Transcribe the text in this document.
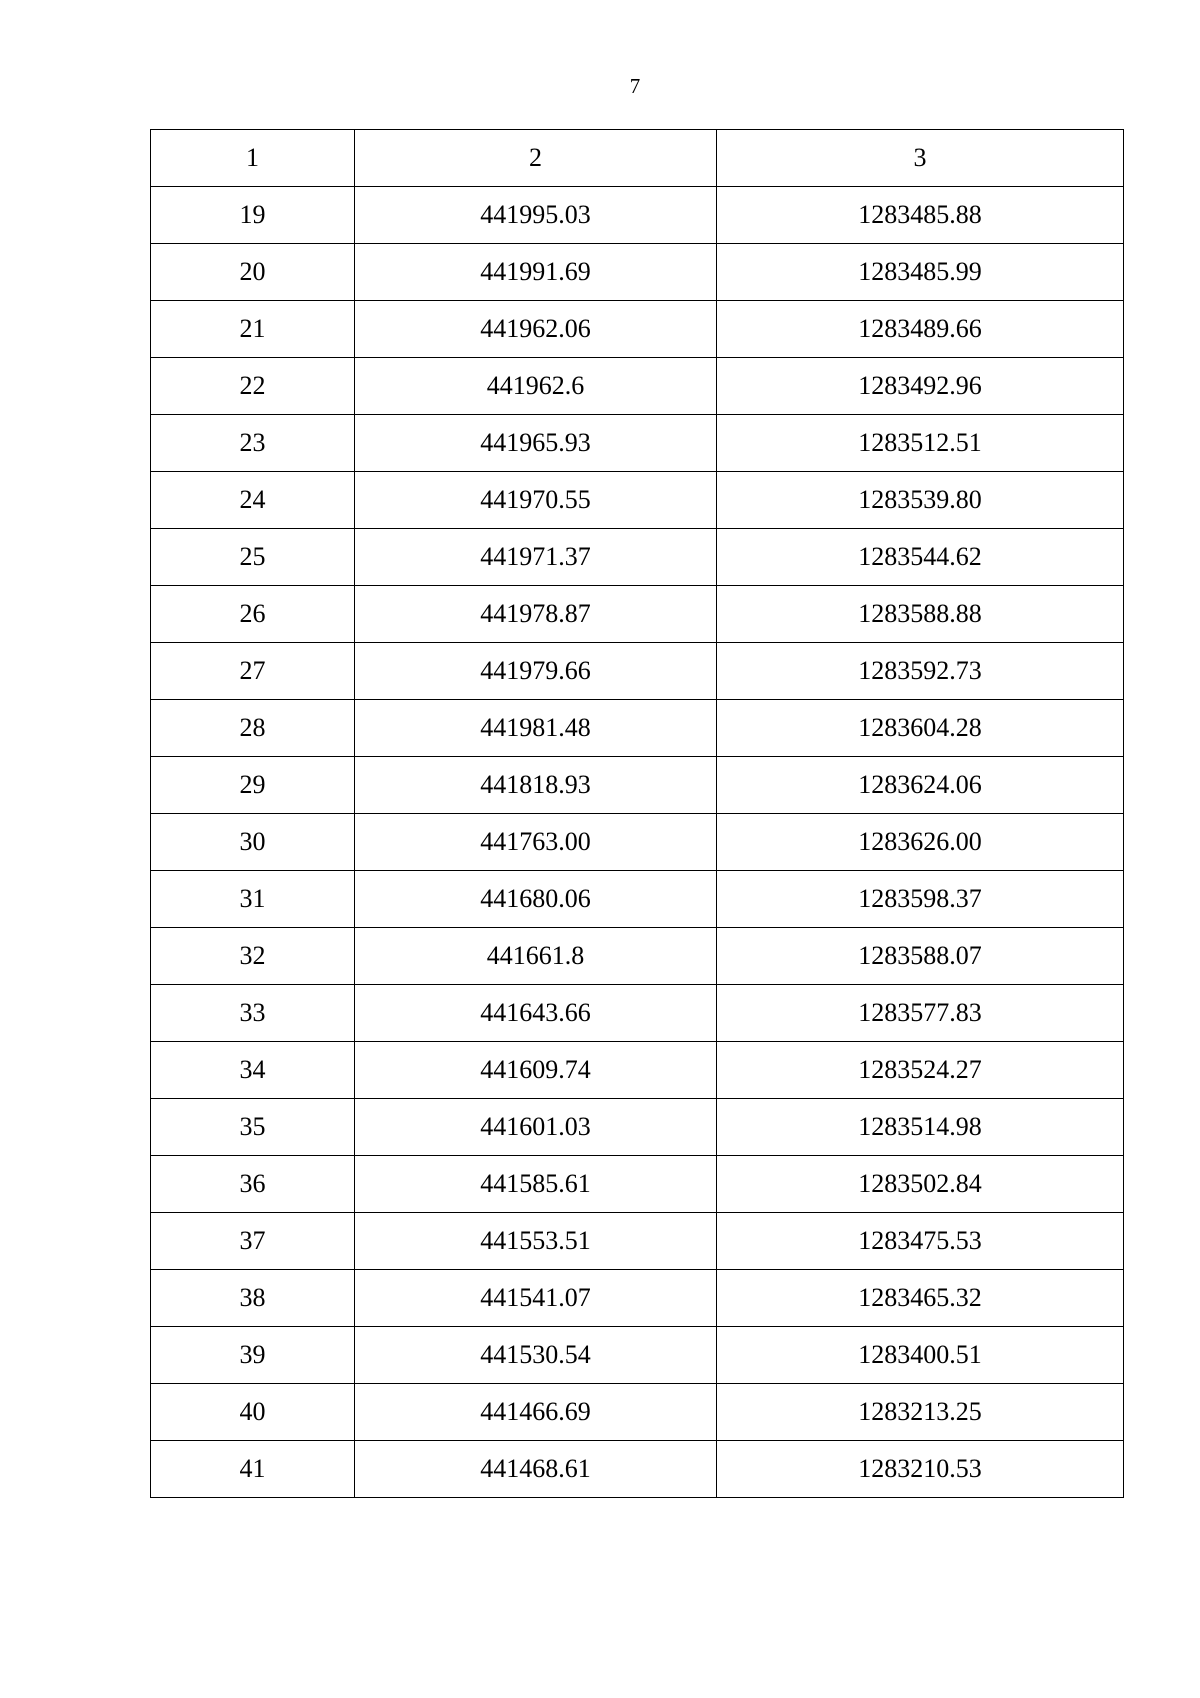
7
1	2	3
19	441995.03	1283485.88
20	441991.69	1283485.99
21	441962.06	1283489.66
22	441962.6	1283492.96
23	441965.93	1283512.51
24	441970.55	1283539.80
25	441971.37	1283544.62
26	441978.87	1283588.88
27	441979.66	1283592.73
28	441981.48	1283604.28
29	441818.93	1283624.06
30	441763.00	1283626.00
31	441680.06	1283598.37
32	441661.8	1283588.07
33	441643.66	1283577.83
34	441609.74	1283524.27
35	441601.03	1283514.98
36	441585.61	1283502.84
37	441553.51	1283475.53
38	441541.07	1283465.32
39	441530.54	1283400.51
40	441466.69	1283213.25
41	441468.61	1283210.53
